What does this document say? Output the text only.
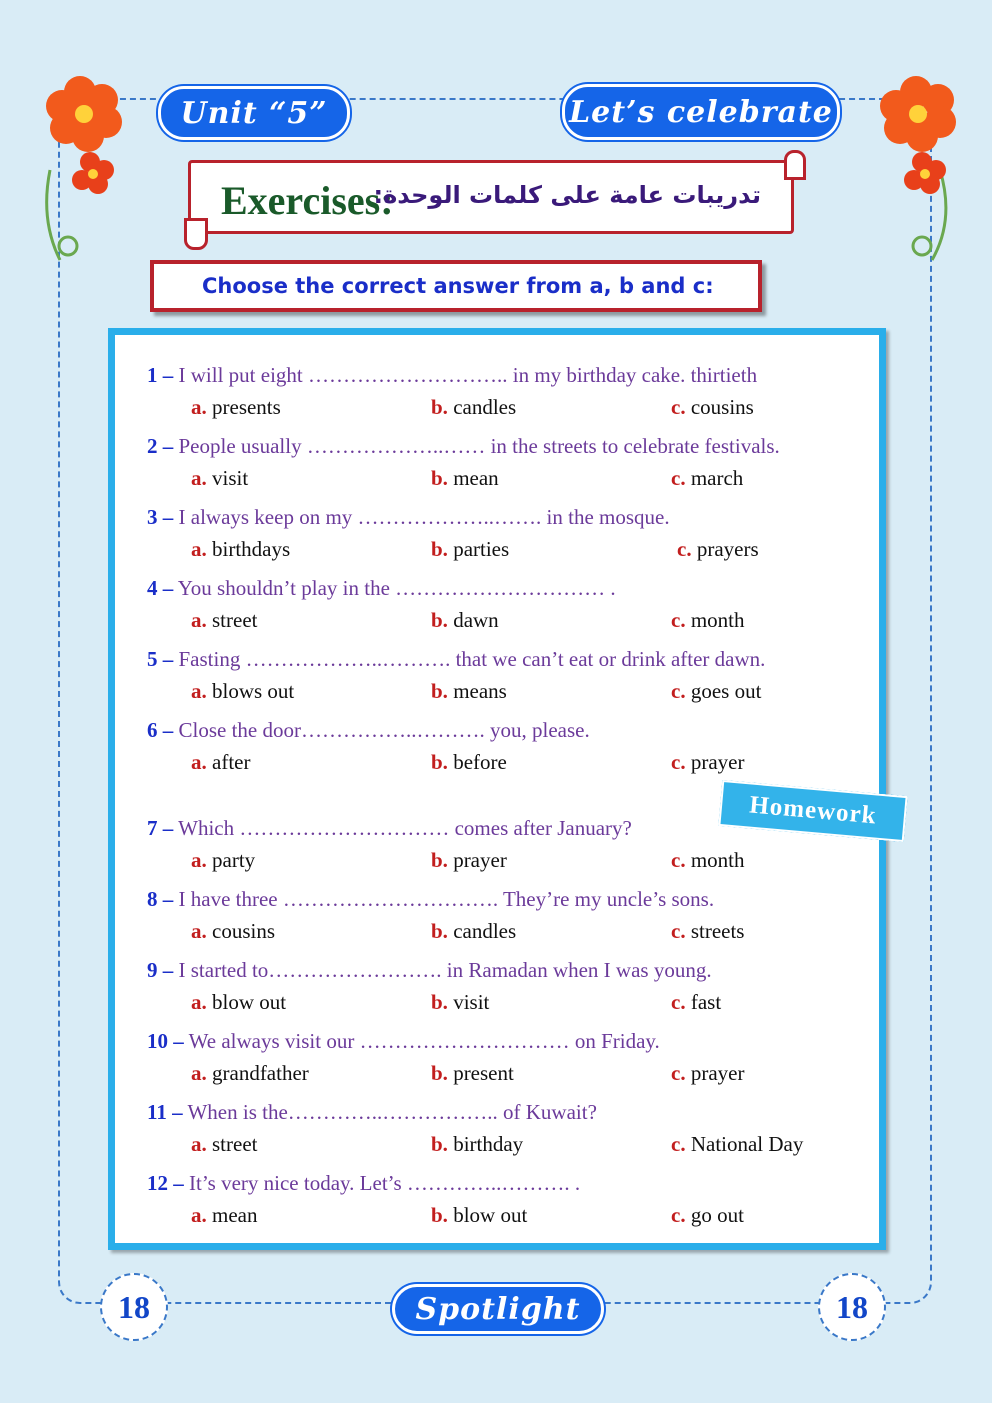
Unit “5”	Let’s celebrate
Exercises:
تدريبات عامة على كلمات الوحدة:
Choose the correct answer from a, b and c:
1 – I will put eight ……………………….. in my birthday cake. thirtieth
a. presents	b. candles	c. cousins
2 – People usually ………………..…… in the streets to celebrate festivals.
a. visit	b. mean	c. march
3 – I always keep on my ………………..……. in the mosque.
a. birthdays	b. parties	c. prayers
4 – You shouldn’t play in the ………………………… .
a. street	b. dawn	c. month
5 – Fasting ………………..………. that we can’t eat or drink after dawn.
a. blows out	b. means	c. goes out
6 – Close the door……………..………. you, please.
a. after	b. before	c. prayer
7 – Which ………………………… comes after January?
a. party	b. prayer	c. month
8 – I have three …………………………. They’re my uncle’s sons.
a. cousins	b. candles	c. streets
9 – I started to……………………. in Ramadan when I was young.
a. blow out	b. visit	c. fast
10 – We always visit our ………………………… on Friday.
a. grandfather	b. present	c. prayer
11 – When is the…………..…………….. of Kuwait?
a. street	b. birthday	c. National Day
12 – It’s very nice today. Let’s …………..………. .
a. mean	b. blow out	c. go out
Homework
18	Spotlight	18
